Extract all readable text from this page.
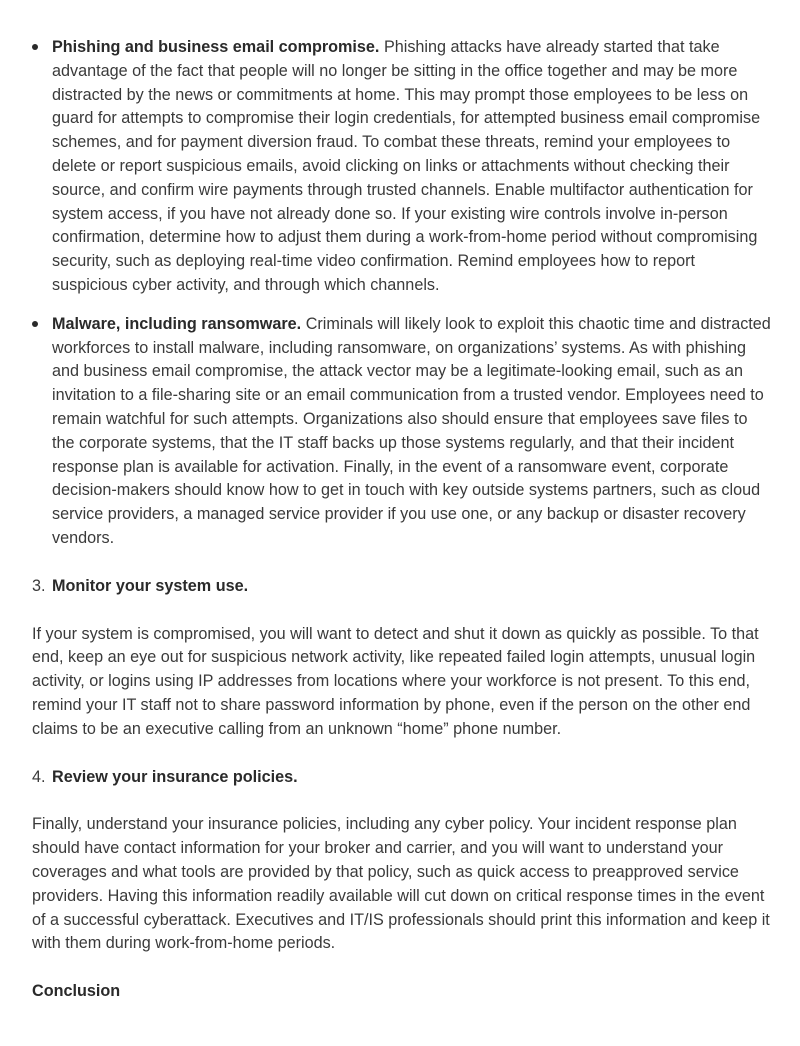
Phishing and business email compromise. Phishing attacks have already started that take advantage of the fact that people will no longer be sitting in the office together and may be more distracted by the news or commitments at home. This may prompt those employees to be less on guard for attempts to compromise their login credentials, for attempted business email compromise schemes, and for payment diversion fraud. To combat these threats, remind your employees to delete or report suspicious emails, avoid clicking on links or attachments without checking their source, and confirm wire payments through trusted channels. Enable multifactor authentication for system access, if you have not already done so. If your existing wire controls involve in-person confirmation, determine how to adjust them during a work-from-home period without compromising security, such as deploying real-time video confirmation. Remind employees how to report suspicious cyber activity, and through which channels.
Malware, including ransomware. Criminals will likely look to exploit this chaotic time and distracted workforces to install malware, including ransomware, on organizations’ systems. As with phishing and business email compromise, the attack vector may be a legitimate-looking email, such as an invitation to a file-sharing site or an email communication from a trusted vendor. Employees need to remain watchful for such attempts. Organizations also should ensure that employees save files to the corporate systems, that the IT staff backs up those systems regularly, and that their incident response plan is available for activation. Finally, in the event of a ransomware event, corporate decision-makers should know how to get in touch with key outside systems partners, such as cloud service providers, a managed service provider if you use one, or any backup or disaster recovery vendors.
3. Monitor your system use.

If your system is compromised, you will want to detect and shut it down as quickly as possible. To that end, keep an eye out for suspicious network activity, like repeated failed login attempts, unusual login activity, or logins using IP addresses from locations where your workforce is not present. To this end, remind your IT staff not to share password information by phone, even if the person on the other end claims to be an executive calling from an unknown “home” phone number.

4. Review your insurance policies.

Finally, understand your insurance policies, including any cyber policy. Your incident response plan should have contact information for your broker and carrier, and you will want to understand your coverages and what tools are provided by that policy, such as quick access to preapproved service providers. Having this information readily available will cut down on critical response times in the event of a successful cyberattack. Executives and IT/IS professionals should print this information and keep it with them during work-from-home periods.

Conclusion
